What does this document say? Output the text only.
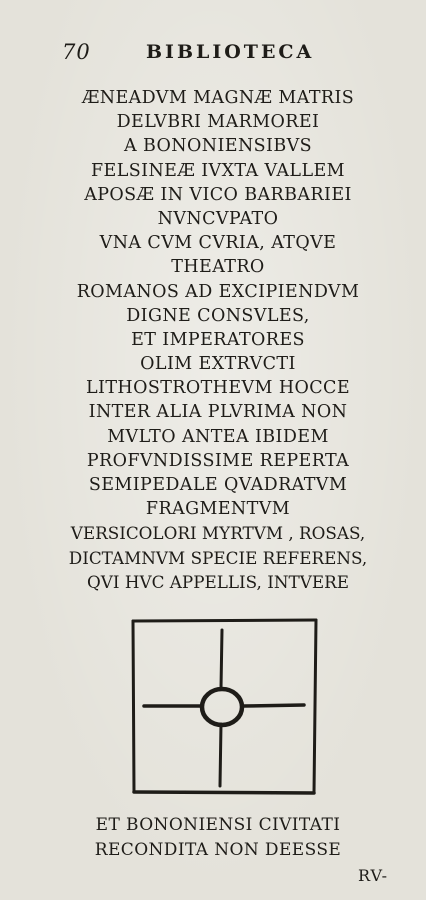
70	BIBLIOTECA
ÆNEADVM MAGNÆ MATRIS
DELVBRI MARMOREI
A BONONIENSIBVS
FELSINEÆ IVXTA VALLEM
APOSÆ IN VICO BARBARIEI
NVNCVPATO
VNA CVM CVRIA, ATQVE
THEATRO
ROMANOS AD EXCIPIENDVM
DIGNE CONSVLES,
ET IMPERATORES
OLIM EXTRVCTI
LITHOSTROTHEVM HOCCE
INTER ALIA PLVRIMA NON
MVLTO ANTEA IBIDEM
PROFVNDISSIME REPERTA
SEMIPEDALE QVADRATVM
FRAGMENTVM
VERSICOLORI MYRTVM , ROSAS,
DICTAMNVM SPECIE REFERENS,
QVI HVC APPELLIS, INTVERE
ET BONONIENSI CIVITATI
RECONDITA NON DEESSE
RV-
